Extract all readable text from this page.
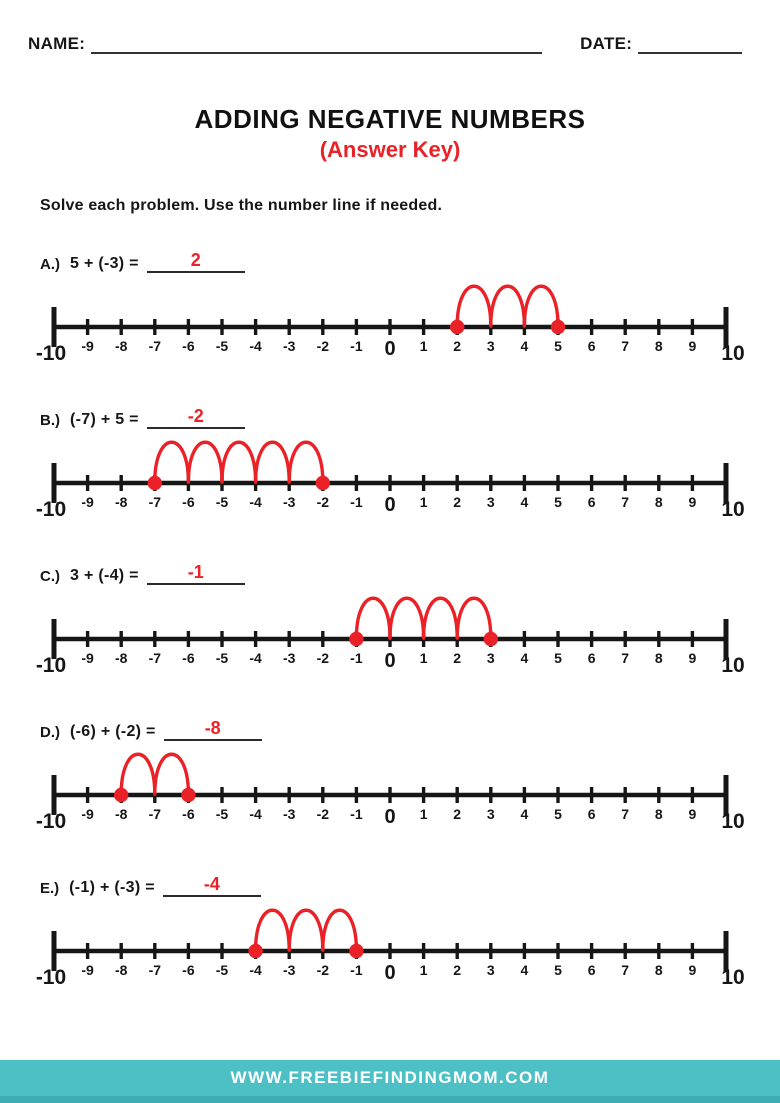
NAME:	DATE:
ADDING NEGATIVE NUMBERS
(Answer Key)
Solve each problem. Use the number line if needed.
A.) 5 + (-3) =	2
-10 -9 -8 -7 -6 -5 -4 -3 -2 -1 0 1 2 3 4 5 6 7 8 9 10
B.) (-7) + 5 =	-2
-10 -9 -8 -7 -6 -5 -4 -3 -2 -1 0 1 2 3 4 5 6 7 8 9 10
C.) 3 + (-4) =	-1
-10 -9 -8 -7 -6 -5 -4 -3 -2 -1 0 1 2 3 4 5 6 7 8 9 10
D.) (-6) + (-2) =	-8
-10 -9 -8 -7 -6 -5 -4 -3 -2 -1 0 1 2 3 4 5 6 7 8 9 10
E.) (-1) + (-3) =	-4
-10 -9 -8 -7 -6 -5 -4 -3 -2 -1 0 1 2 3 4 5 6 7 8 9 10
WWW.FREEBIEFINDINGMOM.COM
